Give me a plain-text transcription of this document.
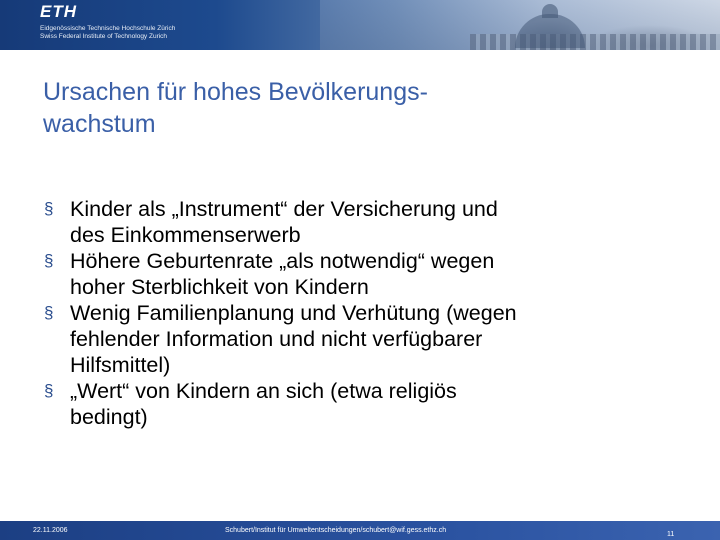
ETH
Eidgenössische Technische Hochschule Zürich
Swiss Federal Institute of Technology Zurich
Ursachen für hohes Bevölkerungs-
wachstum
§ Kinder als „Instrument“ der Versicherung und
des Einkommenserwerb
§ Höhere Geburtenrate „als notwendig“ wegen
hoher Sterblichkeit von Kindern
§ Wenig Familienplanung und Verhütung (wegen
fehlender Information und nicht verfügbarer
Hilfsmittel)
§ „Wert“ von Kindern an sich (etwa religiös
bedingt)
22.11.2006	Schubert/Institut für Umweltentscheidungen/schubert@wif.gess.ethz.ch
11
